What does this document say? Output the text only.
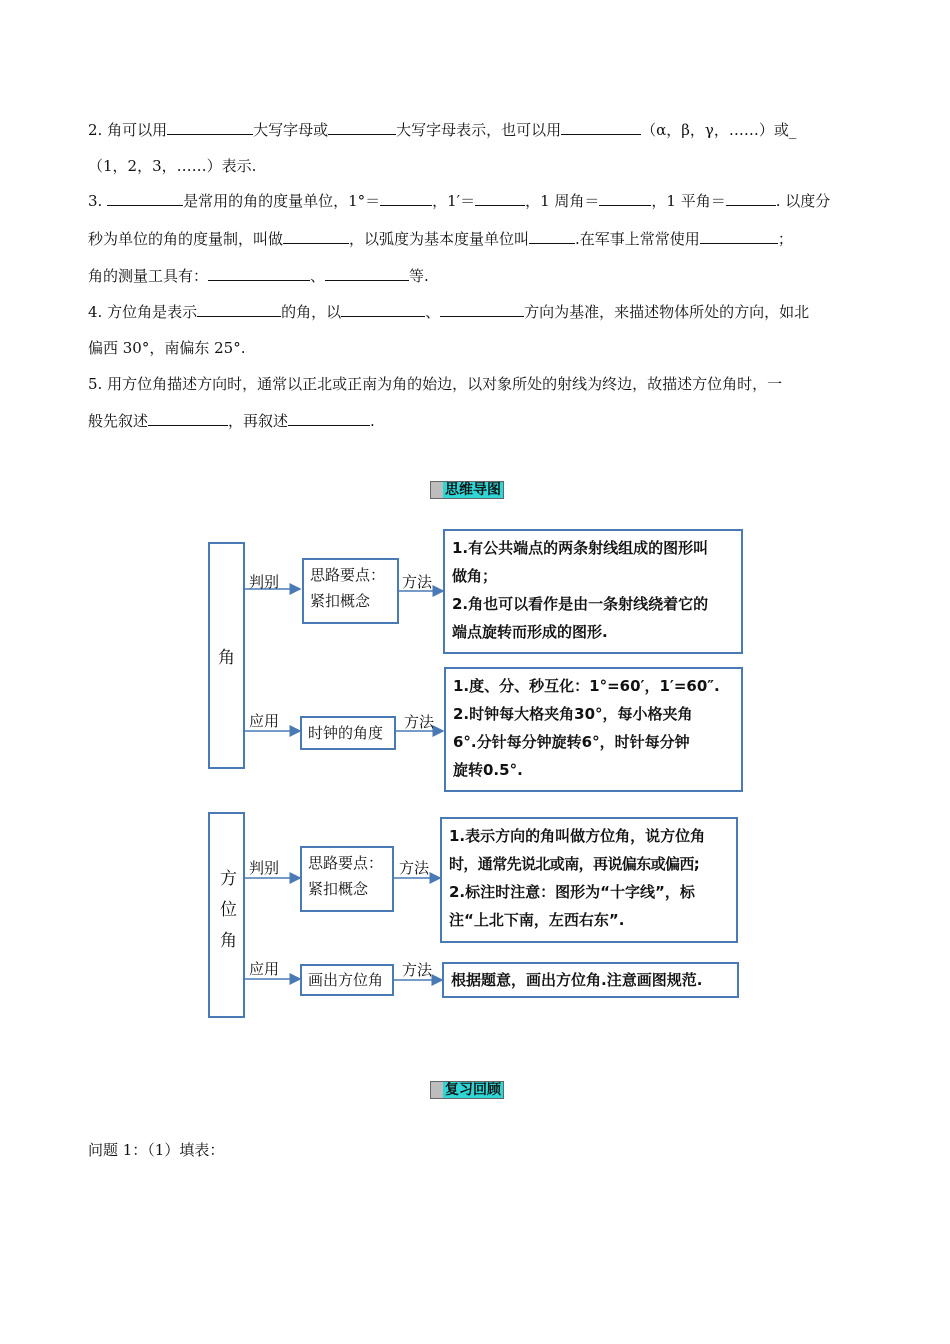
2. 角可以用	大写字母或	大写字母表示，也可以用	（α，β，γ，……）或_
（1，2，3，……）表示.
3.	是常用的角的度量单位，1°＝	，1′＝	，1 周角＝	，1 平角＝	. 以度分
秒为单位的角的度量制，叫做	，以弧度为基本度量单位叫	.在军事上常常使用	；
角的测量工具有：	、	等.
4. 方位角是表示	的角，以	、	方向为基准，来描述物体所处的方向，如北
偏西 30°，南偏东 25°.
5. 用方位角描述方向时，通常以正北或正南为角的始边，以对象所处的射线为终边，故描述方位角时，一
般先叙述	，再叙述	.
思维导图
角
判别 思路要点：
紧扣概念
方法
1.有公共端点的两条射线组成的图形叫
做角；
2.角也可以看作是由一条射线绕着它的
端点旋转而形成的图形.
应用
时钟的角度
方法
1.度、分、秒互化：1°=60′，1′=60″.
2.时钟每大格夹角30°，每小格夹角
6°.分针每分钟旋转6°，时针每分钟
旋转0.5°.
方位角
判别 思路要点：
紧扣概念
方法
1.表示方向的角叫做方位角，说方位角
时，通常先说北或南，再说偏东或偏西;
2.标注时注意：图形为“十字线”，标
注“上北下南，左西右东”.
应用
画出方位角
方法
根据题意，画出方位角.注意画图规范.
复习回顾
问题 1：（1）填表：
